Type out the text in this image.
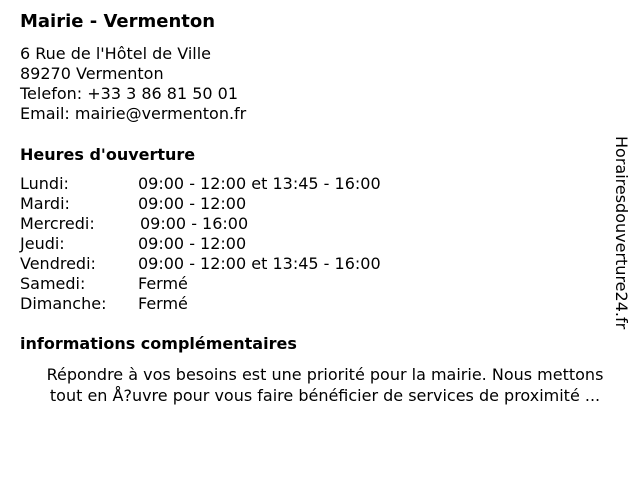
Mairie - Vermenton
6 Rue de l'Hôtel de Ville
89270 Vermenton
Telefon: +33 3 86 81 50 01
Email: mairie@vermenton.fr
Heures d'ouverture
Lundi:	09:00 - 12:00 et 13:45 - 16:00
Mardi:	09:00 - 12:00
Mercredi:	09:00 - 16:00
Jeudi:	09:00 - 12:00
Vendredi:	09:00 - 12:00 et 13:45 - 16:00
Samedi:	Fermé
Dimanche: Fermé
informations complémentaires
Répondre à vos besoins est une priorité pour la mairie. Nous mettons
tout en Å?uvre pour vous faire bénéficier de services de proximité ...
Horairesdouverture24.fr
